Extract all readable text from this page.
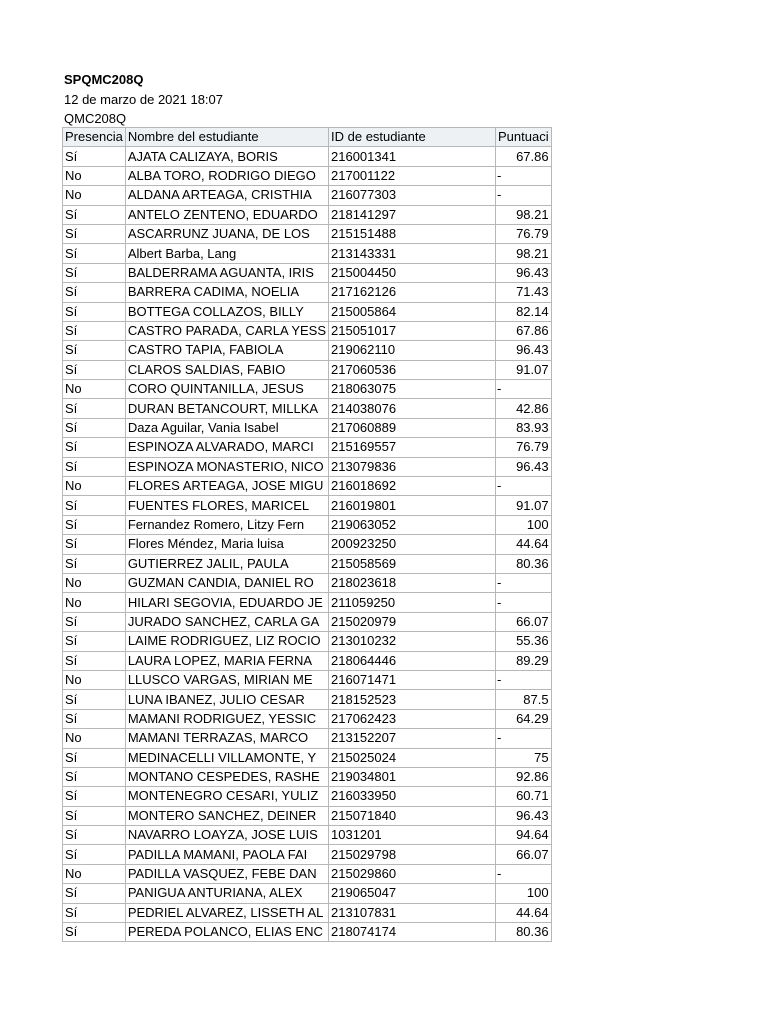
SPQMC208Q
12 de marzo de 2021 18:07
QMC208Q
Presencia	Nombre del estudiante	ID de estudiante	Puntuaci
Sí	AJATA CALIZAYA, BORIS	216001341	67.86
No	ALBA TORO, RODRIGO DIEGO	217001122	-
No	ALDANA ARTEAGA, CRISTHIA	216077303	-
Sí	ANTELO ZENTENO, EDUARDO	218141297	98.21
Sí	ASCARRUNZ JUANA, DE LOS	215151488	76.79
Sí	Albert Barba, Lang	213143331	98.21
Sí	BALDERRAMA AGUANTA, IRIS	215004450	96.43
Sí	BARRERA CADIMA, NOELIA	217162126	71.43
Sí	BOTTEGA COLLAZOS, BILLY	215005864	82.14
Sí	CASTRO PARADA, CARLA YESS	215051017	67.86
Sí	CASTRO TAPIA, FABIOLA	219062110	96.43
Sí	CLAROS SALDIAS, FABIO	217060536	91.07
No	CORO QUINTANILLA, JESUS	218063075	-
Sí	DURAN BETANCOURT, MILLKA	214038076	42.86
Sí	Daza Aguilar, Vania Isabel	217060889	83.93
Sí	ESPINOZA ALVARADO, MARCI	215169557	76.79
Sí	ESPINOZA MONASTERIO, NICO	213079836	96.43
No	FLORES ARTEAGA, JOSE MIGU	216018692	-
Sí	FUENTES FLORES, MARICEL	216019801	91.07
Sí	Fernandez Romero, Litzy Fern	219063052	100
Sí	Flores Méndez, Maria luisa	200923250	44.64
Sí	GUTIERREZ JALIL, PAULA	215058569	80.36
No	GUZMAN CANDIA, DANIEL RO	218023618	-
No	HILARI SEGOVIA, EDUARDO JE	211059250	-
Sí	JURADO SANCHEZ, CARLA GA	215020979	66.07
Sí	LAIME RODRIGUEZ, LIZ ROCIO	213010232	55.36
Sí	LAURA LOPEZ, MARIA FERNA	218064446	89.29
No	LLUSCO VARGAS, MIRIAN ME	216071471	-
Sí	LUNA IBANEZ, JULIO CESAR	218152523	87.5
Sí	MAMANI RODRIGUEZ, YESSIC	217062423	64.29
No	MAMANI TERRAZAS, MARCO	213152207	-
Sí	MEDINACELLI VILLAMONTE, Y	215025024	75
Sí	MONTANO CESPEDES, RASHE	219034801	92.86
Sí	MONTENEGRO CESARI, YULIZ	216033950	60.71
Sí	MONTERO SANCHEZ, DEINER	215071840	96.43
Sí	NAVARRO LOAYZA, JOSE LUIS	1031201	94.64
Sí	PADILLA MAMANI, PAOLA FAI	215029798	66.07
No	PADILLA VASQUEZ, FEBE DAN	215029860	-
Sí	PANIGUA ANTURIANA, ALEX	219065047	100
Sí	PEDRIEL ALVAREZ, LISSETH AL	213107831	44.64
Sí	PEREDA POLANCO, ELIAS ENC	218074174	80.36
